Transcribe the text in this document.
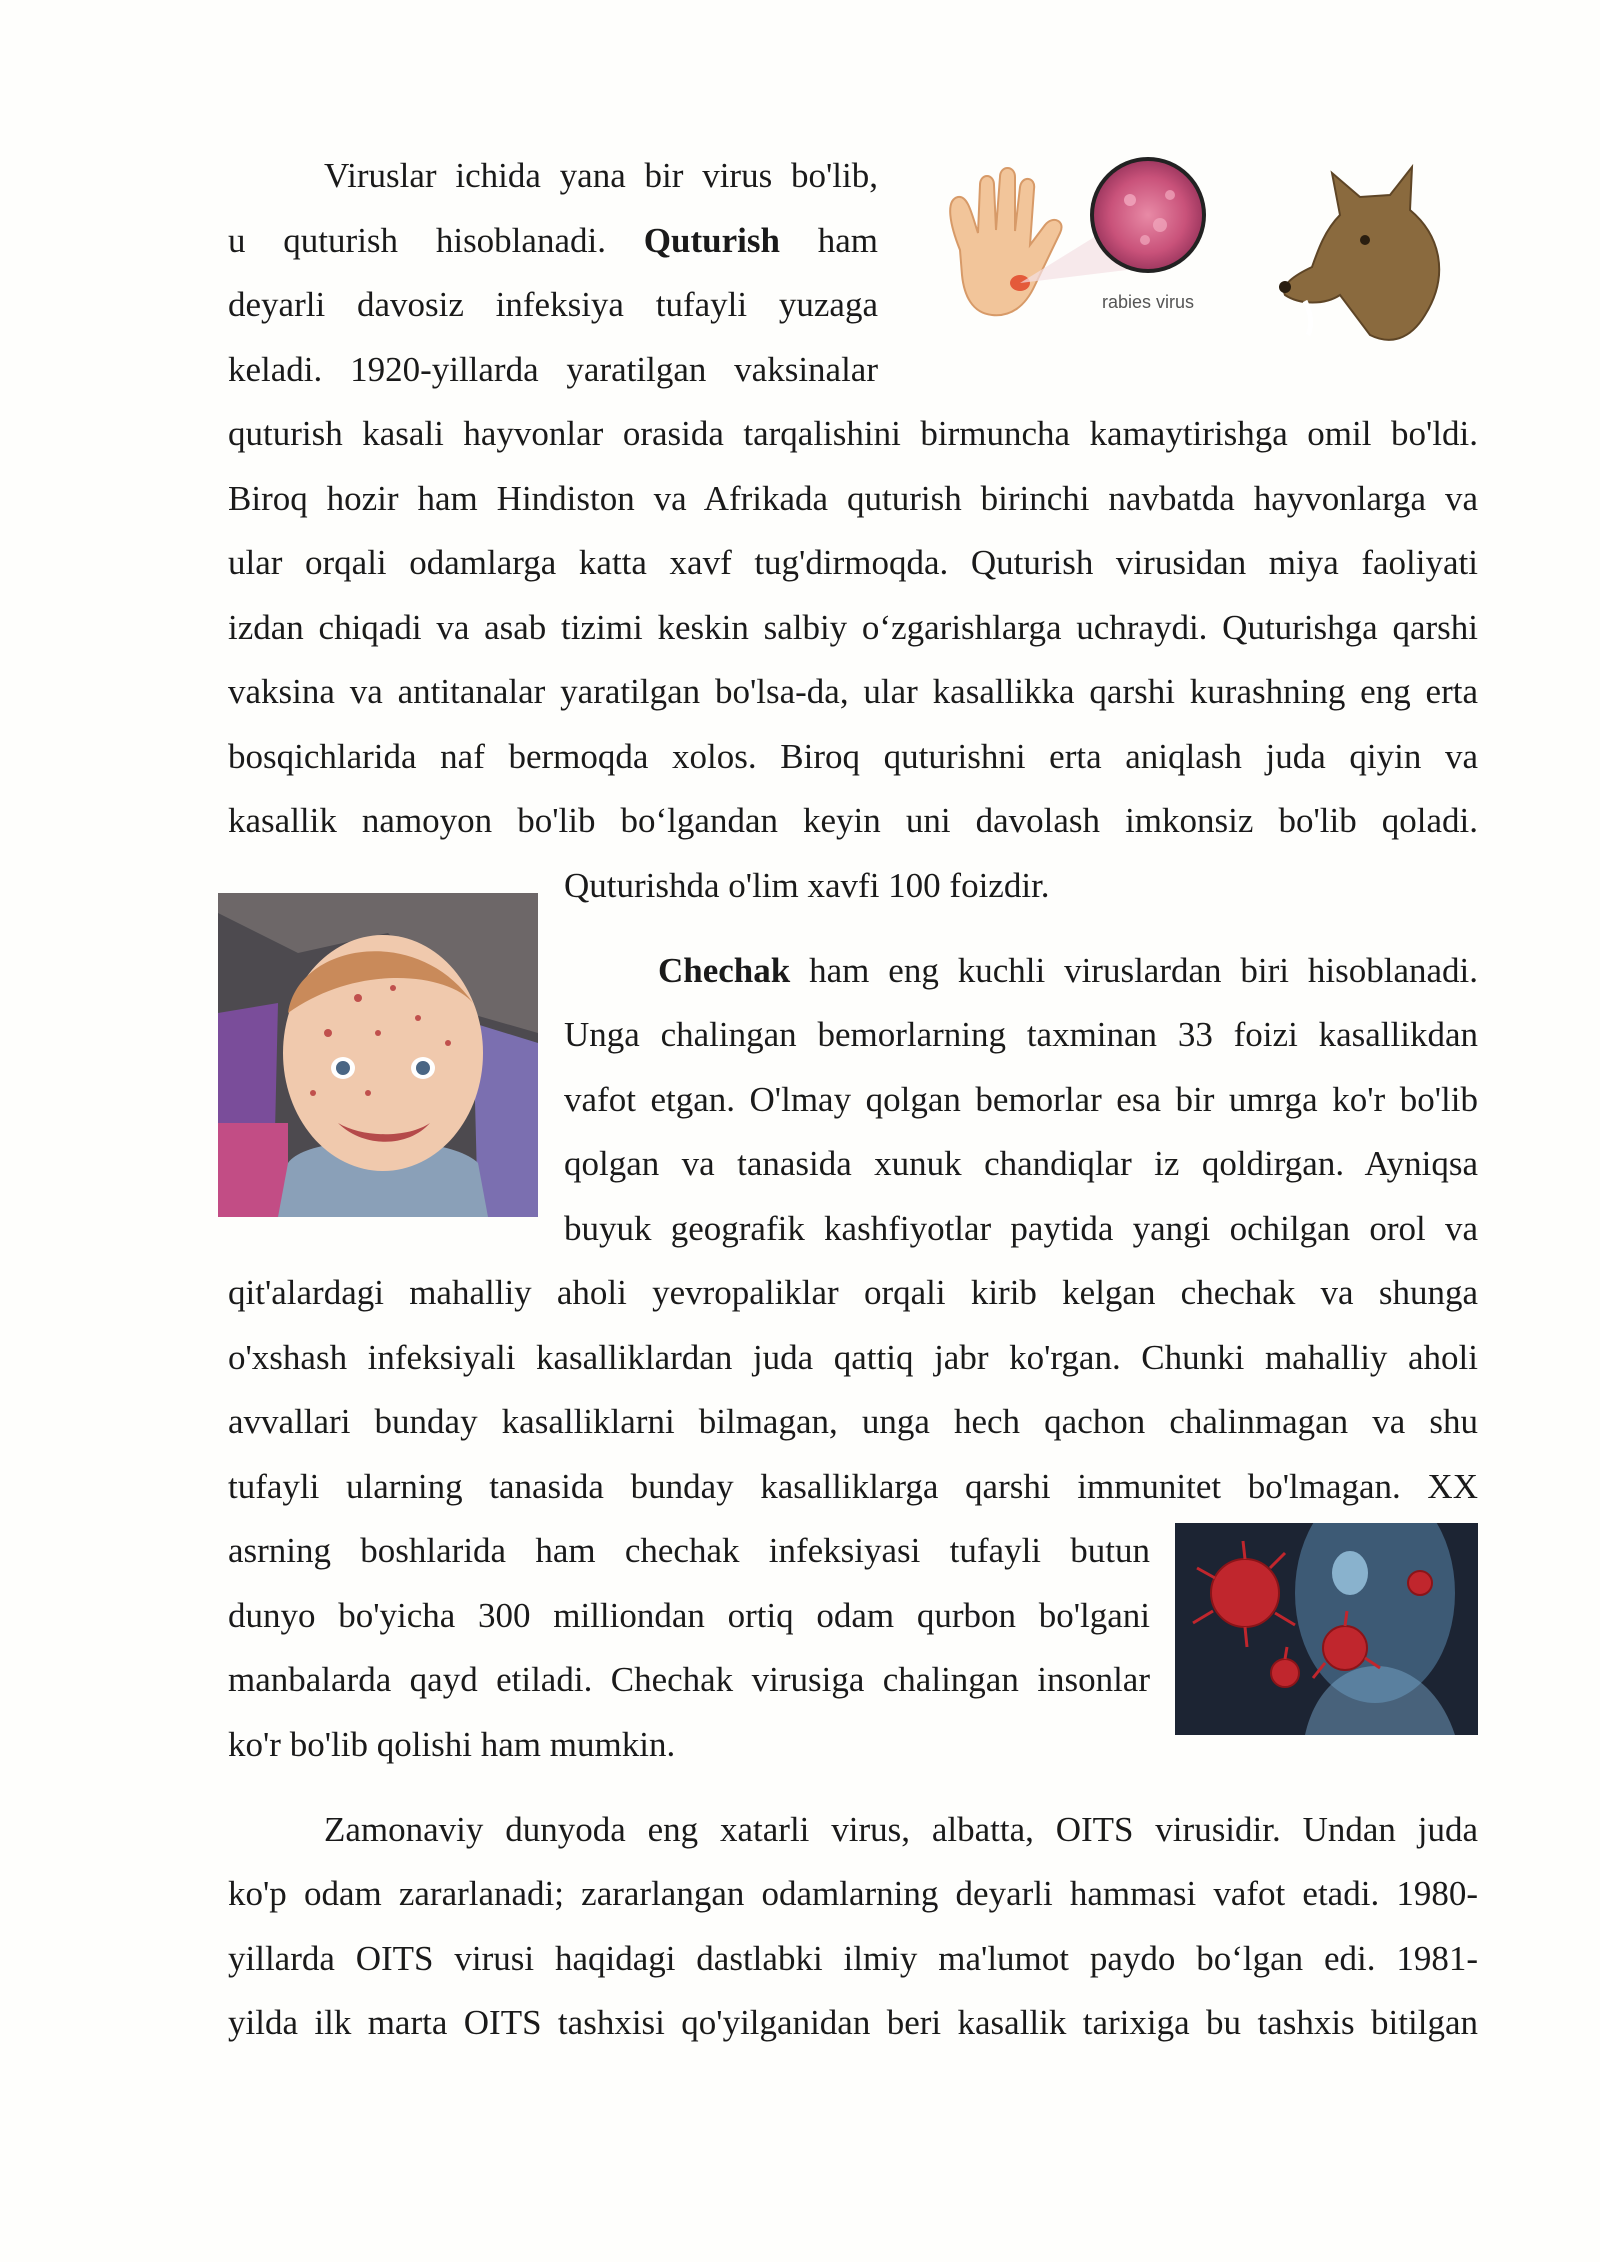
Viruslar ichida yana bir virus bo'lib,
u quturish hisoblanadi. Quturish ham
deyarli davosiz infeksiya tufayli yuzaga
keladi. 1920-yillarda yaratilgan vaksinalar
quturish kasali hayvonlar orasida tarqalishini birmuncha kamaytirishga omil bo'ldi.
Biroq hozir ham Hindiston va Afrikada quturish birinchi navbatda hayvonlarga va
ular orqali odamlarga katta xavf tug'dirmoqda. Quturish virusidan miya faoliyati
izdan chiqadi va asab tizimi keskin salbiy o‘zgarishlarga uchraydi. Quturishga qarshi
vaksina va antitanalar yaratilgan bo'lsa-da, ular kasallikka qarshi kurashning eng erta
bosqichlarida naf bermoqda xolos. Biroq quturishni erta aniqlash juda qiyin va
kasallik namoyon bo'lib bo‘lgandan keyin uni davolash imkonsiz bo'lib qoladi.
Quturishda o'lim xavfi 100 foizdir.
Chechak ham eng kuchli viruslardan biri hisoblanadi.
Unga chalingan bemorlarning taxminan 33 foizi kasallikdan
vafot etgan. O'lmay qolgan bemorlar esa bir umrga ko'r bo'lib
qolgan va tanasida xunuk chandiqlar iz qoldirgan. Ayniqsa
buyuk geografik kashfiyotlar paytida yangi ochilgan orol va
qit'alardagi mahalliy aholi yevropaliklar orqali kirib kelgan chechak va shunga
o'xshash infeksiyali kasalliklardan juda qattiq jabr ko'rgan. Chunki mahalliy aholi
avvallari bunday kasalliklarni bilmagan, unga hech qachon chalinmagan va shu
tufayli ularning tanasida bunday kasalliklarga qarshi immunitet bo'lmagan. XX
asrning boshlarida ham chechak infeksiyasi tufayli butun
dunyo bo'yicha 300 milliondan ortiq odam qurbon bo'lgani
manbalarda qayd etiladi. Chechak virusiga chalingan insonlar
ko'r bo'lib qolishi ham mumkin.
Zamonaviy dunyoda eng xatarli virus, albatta, OITS virusidir. Undan juda
ko'p odam zararlanadi; zararlangan odamlarning deyarli hammasi vafot etadi. 1980-
yillarda OITS virusi haqidagi dastlabki ilmiy ma'lumot paydo bo‘lgan edi. 1981-
yilda ilk marta OITS tashxisi qo'yilganidan beri kasallik tarixiga bu tashxis bitilgan
rabies virus
